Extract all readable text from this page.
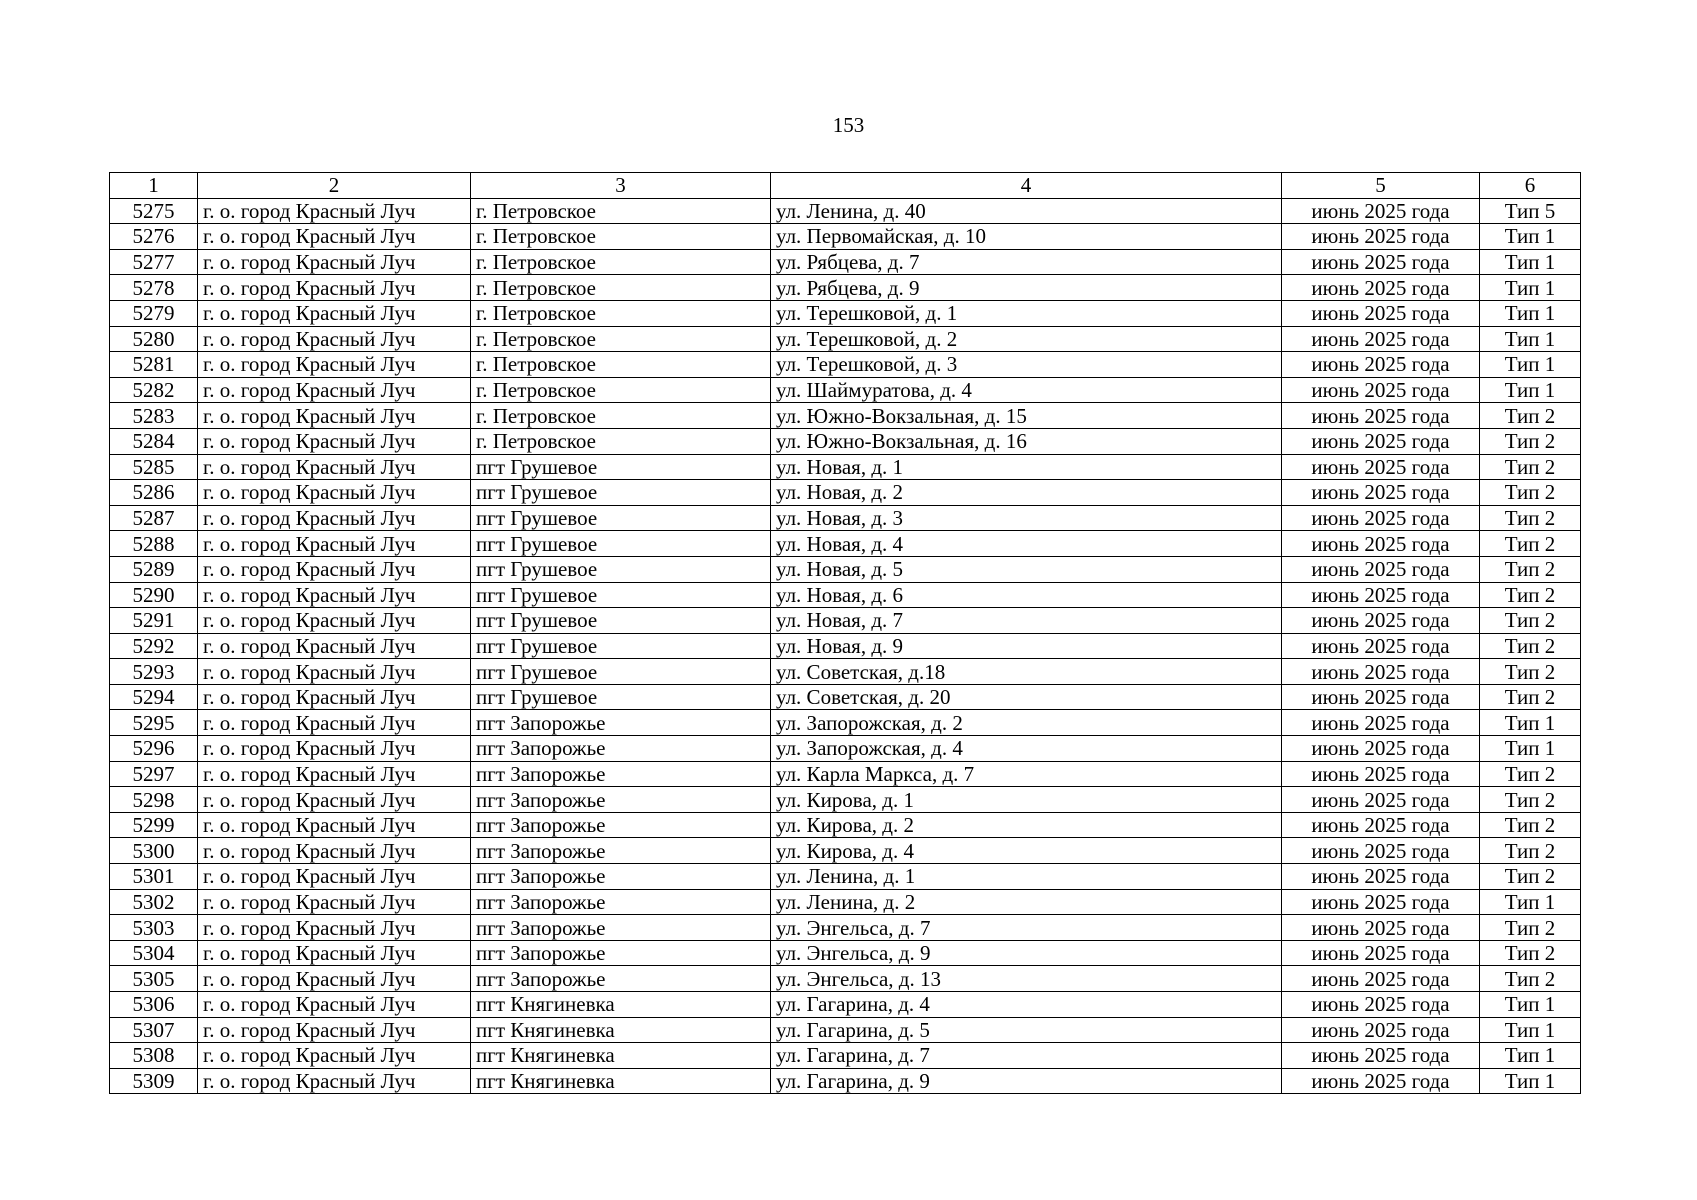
153
1	2	3	4	5	6
5275	г. о. город Красный Луч	г. Петровское	ул. Ленина, д. 40	июнь 2025 года	Тип 5
5276	г. о. город Красный Луч	г. Петровское	ул. Первомайская, д. 10	июнь 2025 года	Тип 1
5277	г. о. город Красный Луч	г. Петровское	ул. Рябцева, д. 7	июнь 2025 года	Тип 1
5278	г. о. город Красный Луч	г. Петровское	ул. Рябцева, д. 9	июнь 2025 года	Тип 1
5279	г. о. город Красный Луч	г. Петровское	ул. Терешковой, д. 1	июнь 2025 года	Тип 1
5280	г. о. город Красный Луч	г. Петровское	ул. Терешковой, д. 2	июнь 2025 года	Тип 1
5281	г. о. город Красный Луч	г. Петровское	ул. Терешковой, д. 3	июнь 2025 года	Тип 1
5282	г. о. город Красный Луч	г. Петровское	ул. Шаймуратова, д. 4	июнь 2025 года	Тип 1
5283	г. о. город Красный Луч	г. Петровское	ул. Южно-Вокзальная, д. 15	июнь 2025 года	Тип 2
5284	г. о. город Красный Луч	г. Петровское	ул. Южно-Вокзальная, д. 16	июнь 2025 года	Тип 2
5285	г. о. город Красный Луч	пгт Грушевое	ул. Новая, д. 1	июнь 2025 года	Тип 2
5286	г. о. город Красный Луч	пгт Грушевое	ул. Новая, д. 2	июнь 2025 года	Тип 2
5287	г. о. город Красный Луч	пгт Грушевое	ул. Новая, д. 3	июнь 2025 года	Тип 2
5288	г. о. город Красный Луч	пгт Грушевое	ул. Новая, д. 4	июнь 2025 года	Тип 2
5289	г. о. город Красный Луч	пгт Грушевое	ул. Новая, д. 5	июнь 2025 года	Тип 2
5290	г. о. город Красный Луч	пгт Грушевое	ул. Новая, д. 6	июнь 2025 года	Тип 2
5291	г. о. город Красный Луч	пгт Грушевое	ул. Новая, д. 7	июнь 2025 года	Тип 2
5292	г. о. город Красный Луч	пгт Грушевое	ул. Новая, д. 9	июнь 2025 года	Тип 2
5293	г. о. город Красный Луч	пгт Грушевое	ул. Советская, д.18	июнь 2025 года	Тип 2
5294	г. о. город Красный Луч	пгт Грушевое	ул. Советская, д. 20	июнь 2025 года	Тип 2
5295	г. о. город Красный Луч	пгт Запорожье	ул. Запорожская, д. 2	июнь 2025 года	Тип 1
5296	г. о. город Красный Луч	пгт Запорожье	ул. Запорожская, д. 4	июнь 2025 года	Тип 1
5297	г. о. город Красный Луч	пгт Запорожье	ул. Карла Маркса, д. 7	июнь 2025 года	Тип 2
5298	г. о. город Красный Луч	пгт Запорожье	ул. Кирова, д. 1	июнь 2025 года	Тип 2
5299	г. о. город Красный Луч	пгт Запорожье	ул. Кирова, д. 2	июнь 2025 года	Тип 2
5300	г. о. город Красный Луч	пгт Запорожье	ул. Кирова, д. 4	июнь 2025 года	Тип 2
5301	г. о. город Красный Луч	пгт Запорожье	ул. Ленина, д. 1	июнь 2025 года	Тип 2
5302	г. о. город Красный Луч	пгт Запорожье	ул. Ленина, д. 2	июнь 2025 года	Тип 1
5303	г. о. город Красный Луч	пгт Запорожье	ул. Энгельса, д. 7	июнь 2025 года	Тип 2
5304	г. о. город Красный Луч	пгт Запорожье	ул. Энгельса, д. 9	июнь 2025 года	Тип 2
5305	г. о. город Красный Луч	пгт Запорожье	ул. Энгельса, д. 13	июнь 2025 года	Тип 2
5306	г. о. город Красный Луч	пгт Княгиневка	ул. Гагарина, д. 4	июнь 2025 года	Тип 1
5307	г. о. город Красный Луч	пгт Княгиневка	ул. Гагарина, д. 5	июнь 2025 года	Тип 1
5308	г. о. город Красный Луч	пгт Княгиневка	ул. Гагарина, д. 7	июнь 2025 года	Тип 1
5309	г. о. город Красный Луч	пгт Княгиневка	ул. Гагарина, д. 9	июнь 2025 года	Тип 1
